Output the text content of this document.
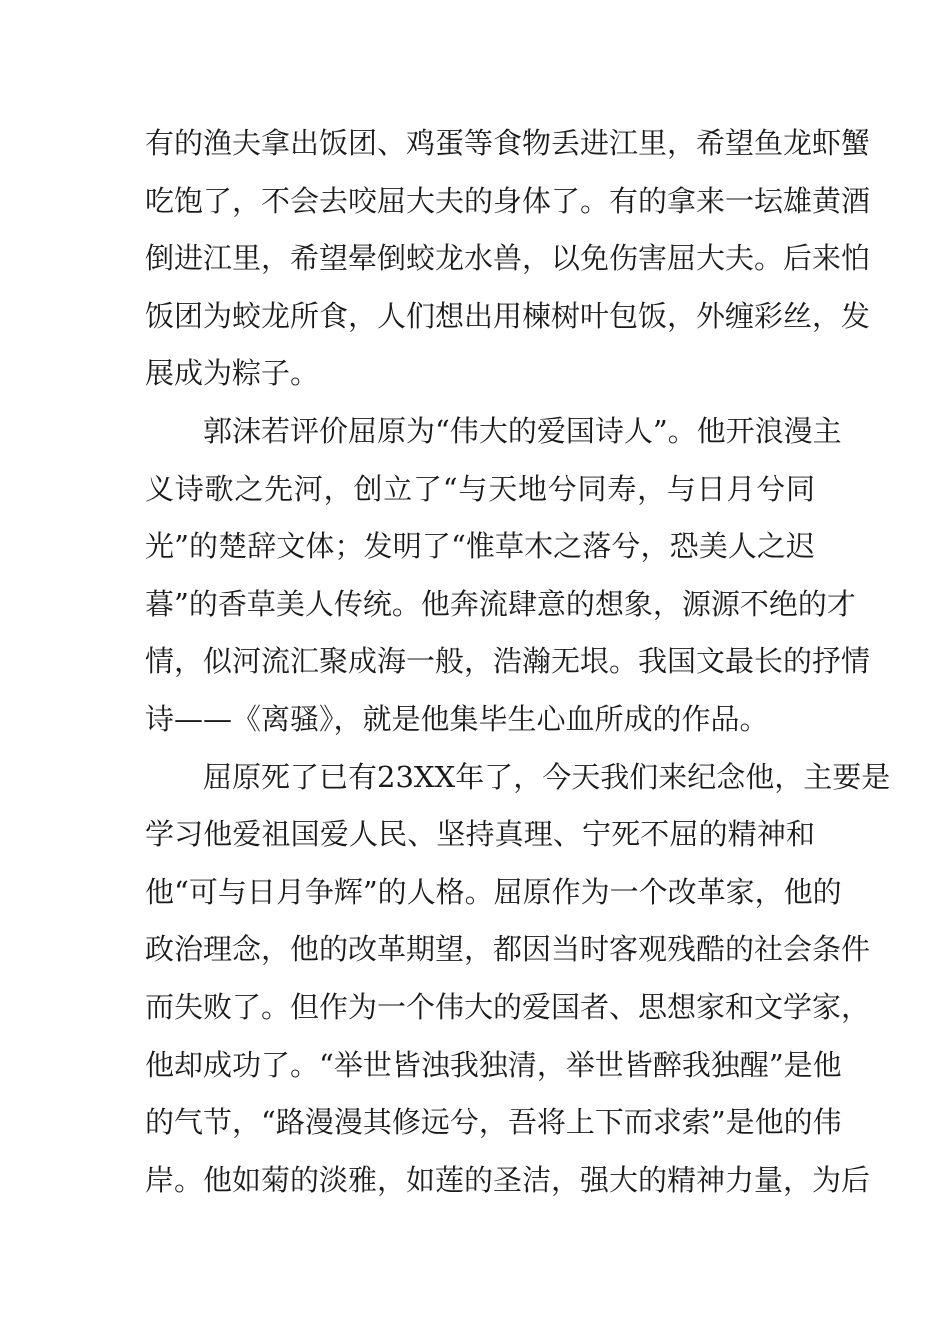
有的渔夫拿出饭团、鸡蛋等食物丢进江里，希望鱼龙虾蟹
吃饱了，不会去咬屈大夫的身体了。有的拿来一坛雄黄酒
倒进江里，希望晕倒蛟龙水兽，以免伤害屈大夫。后来怕
饭团为蛟龙所食，人们想出用楝树叶包饭，外缠彩丝，发
展成为粽子。
郭沫若评价屈原为“伟大的爱国诗人”。他开浪漫主
义诗歌之先河，创立了“与天地兮同寿，与日月兮同
光”的楚辞文体；发明了“惟草木之落兮，恐美人之迟
暮”的香草美人传统。他奔流肆意的想象，源源不绝的才
情，似河流汇聚成海一般，浩瀚无垠。我国文最长的抒情
诗——《离骚》，就是他集毕生心血所成的作品。
屈原死了已有23XX年了，今天我们来纪念他，主要是
学习他爱祖国爱人民、坚持真理、宁死不屈的精神和
他“可与日月争辉”的人格。屈原作为一个改革家，他的
政治理念，他的改革期望，都因当时客观残酷的社会条件
而失败了。但作为一个伟大的爱国者、思想家和文学家，
他却成功了。“举世皆浊我独清，举世皆醉我独醒”是他
的气节，“路漫漫其修远兮，吾将上下而求索”是他的伟
岸。他如菊的淡雅，如莲的圣洁，强大的精神力量，为后
